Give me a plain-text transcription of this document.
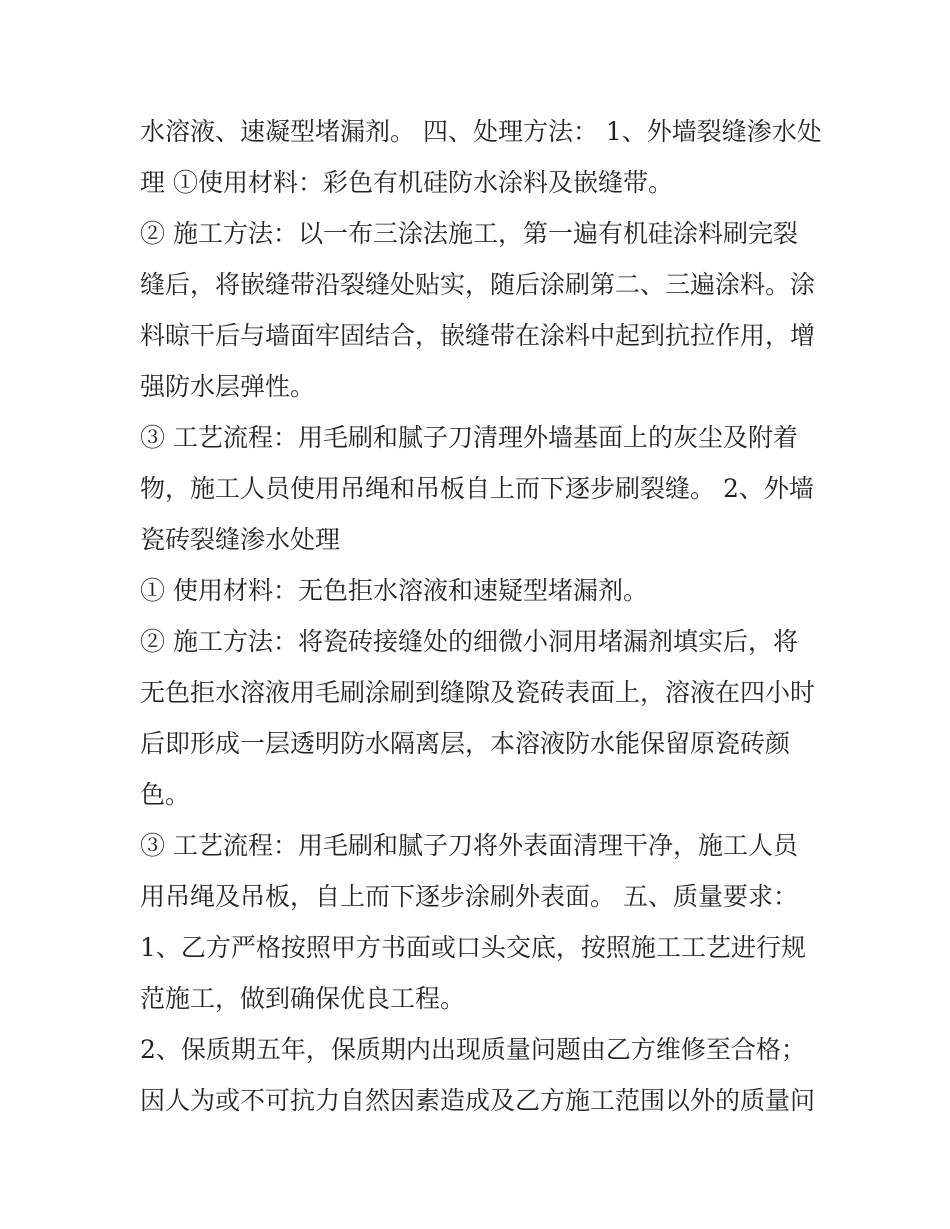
水溶液、速凝型堵漏剂。 四、处理方法： 1、外墙裂缝渗水处
理 ①使用材料：彩色有机硅防水涂料及嵌缝带。
② 施工方法：以一布三涂法施工，第一遍有机硅涂料刷完裂
缝后，将嵌缝带沿裂缝处贴实，随后涂刷第二、三遍涂料。涂
料晾干后与墙面牢固结合，嵌缝带在涂料中起到抗拉作用，增
强防水层弹性。
③ 工艺流程：用毛刷和腻子刀清理外墙基面上的灰尘及附着
物，施工人员使用吊绳和吊板自上而下逐步刷裂缝。 2、外墙
瓷砖裂缝渗水处理
① 使用材料：无色拒水溶液和速疑型堵漏剂。
② 施工方法：将瓷砖接缝处的细微小洞用堵漏剂填实后，将
无色拒水溶液用毛刷涂刷到缝隙及瓷砖表面上，溶液在四小时
后即形成一层透明防水隔离层，本溶液防水能保留原瓷砖颜
色。
③ 工艺流程：用毛刷和腻子刀将外表面清理干净，施工人员
用吊绳及吊板，自上而下逐步涂刷外表面。 五、质量要求：
1、乙方严格按照甲方书面或口头交底，按照施工工艺进行规
范施工，做到确保优良工程。
2、保质期五年，保质期内出现质量问题由乙方维修至合格；
因人为或不可抗力自然因素造成及乙方施工范围以外的质量问
